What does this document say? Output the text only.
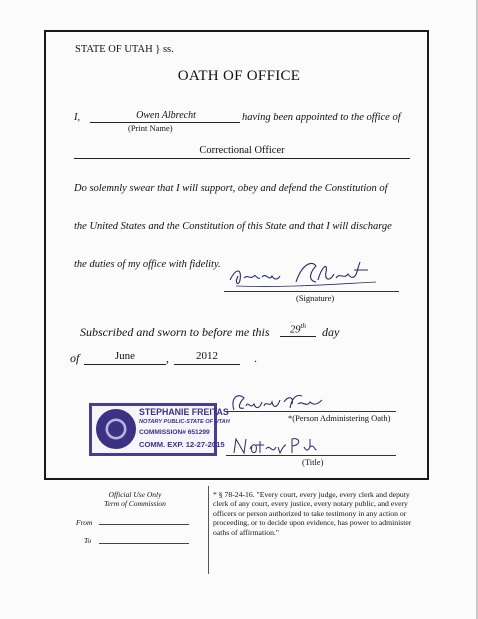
STATE OF UTAH } ss.
OATH OF OFFICE
I,	Owen Albrecht
(Print Name)
having been appointed to the office of
Correctional Officer
Do solemnly swear that I will support, obey and defend the Constitution of
the United States and the Constitution of this State and that I will discharge
the duties of my office with fidelity.
(Signature)
Subscribed and sworn to before me this	29th	day
of	June	,	2012	.
STEPHANIE FREITAS
NOTARY PUBLIC-STATE OF UTAH
COMMISSION# 651299
COMM. EXP. 12-27-2015
*(Person Administering Oath)
(Title)
Official Use Only
Term of Commission
From
To
* § 78-24-16. "Every court, every judge, every clerk and deputy clerk of any court, every justice, every notary public, and every officers or person authorized to take testimony in any action or proceeding, or to decide upon evidence, has power to administer oaths of affirmation."
